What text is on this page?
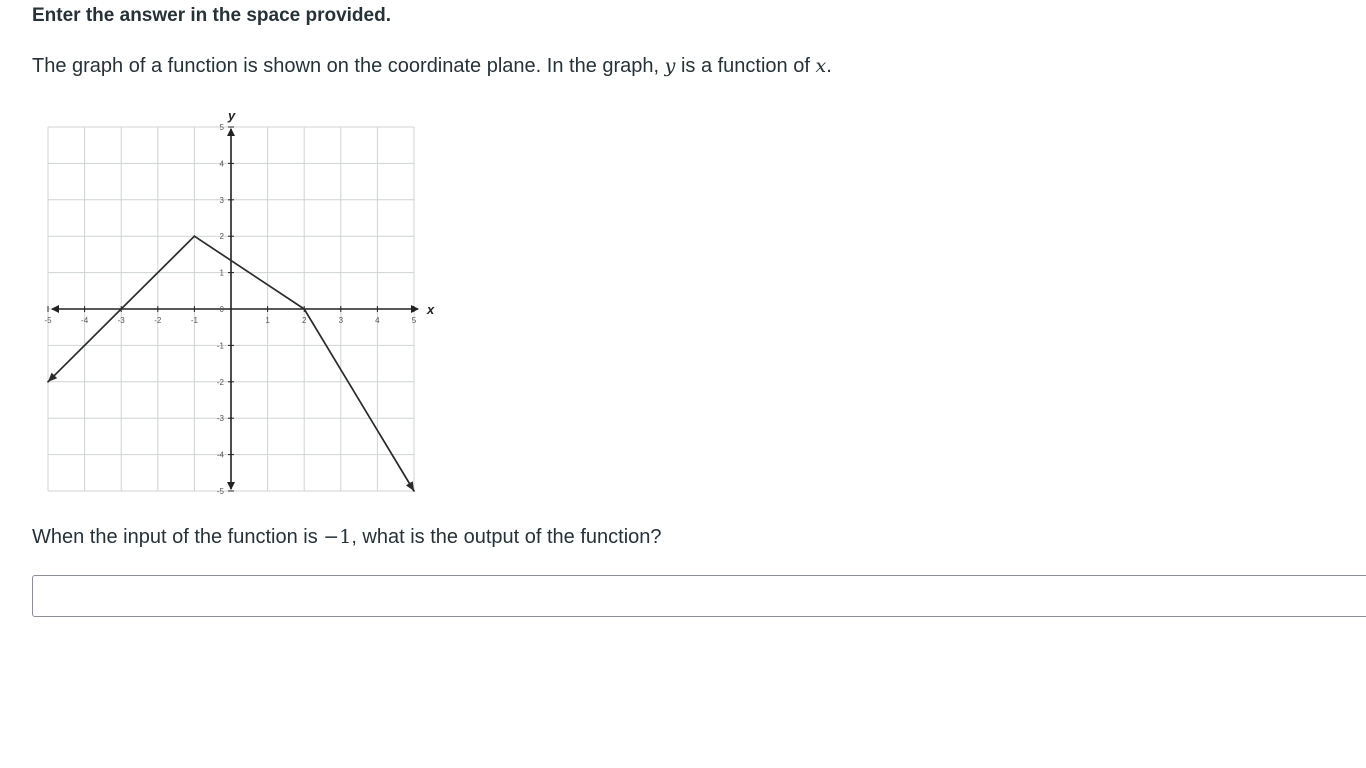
Enter the answer in the space provided.
The graph of a function is shown on the coordinate plane. In the graph, y is a function of x.
x
y
-5	-4	-3	-2	-1	1	2	3	4	5
5
4
3
2
1
-1
-2
-3
-4
-5
0
When the input of the function is −1, what is the output of the function?
